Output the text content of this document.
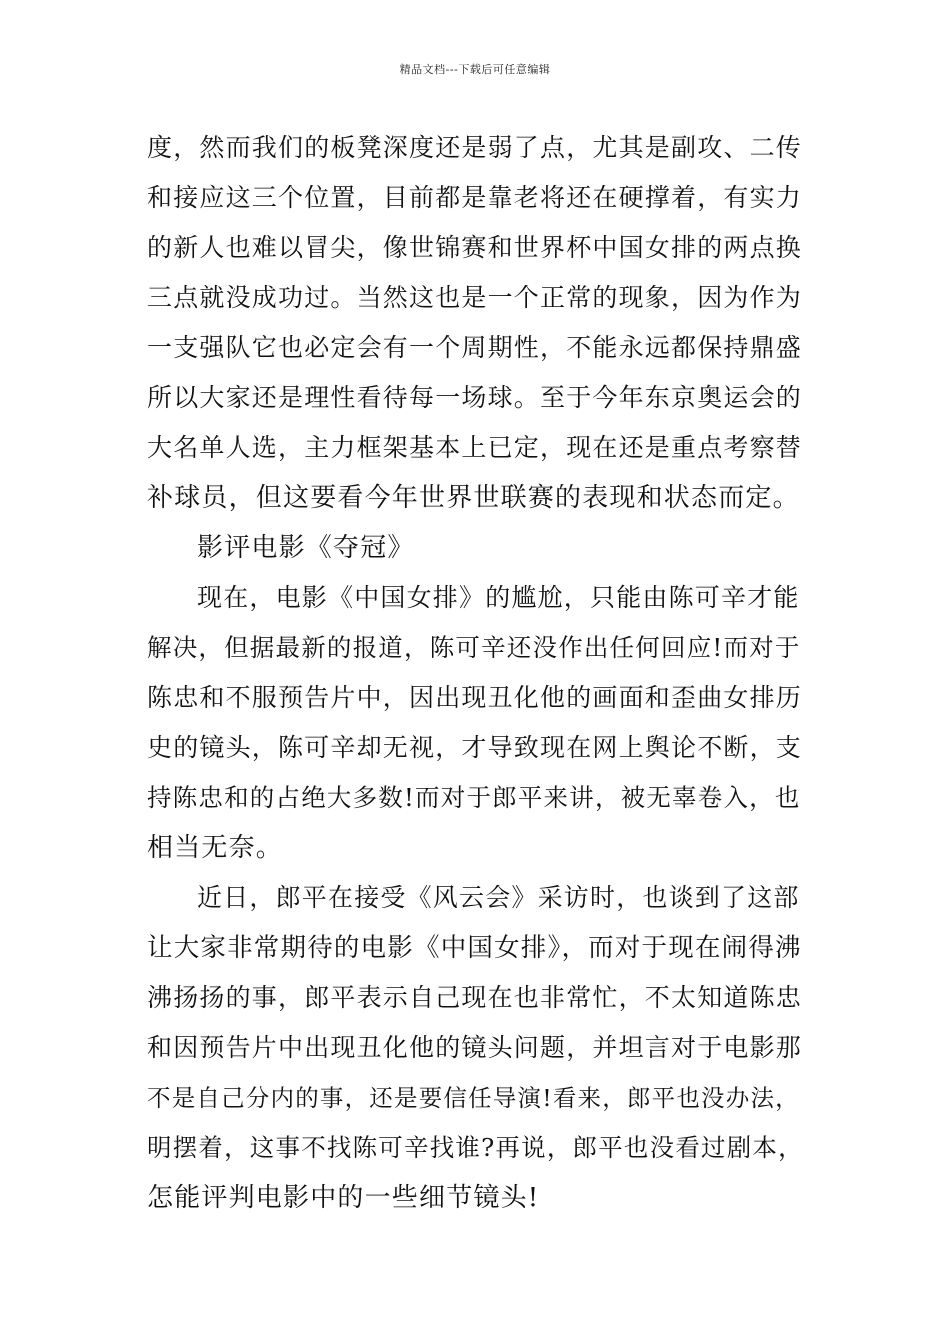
精品文档---下载后可任意编辑
度，然而我们的板凳深度还是弱了点，尤其是副攻、二传
和接应这三个位置，目前都是靠老将还在硬撑着，有实力
的新人也难以冒尖，像世锦赛和世界杯中国女排的两点换
三点就没成功过。当然这也是一个正常的现象，因为作为
一支强队它也必定会有一个周期性，不能永远都保持鼎盛
所以大家还是理性看待每一场球。至于今年东京奥运会的
大名单人选，主力框架基本上已定，现在还是重点考察替
补球员，但这要看今年世界世联赛的表现和状态而定。
影评电影《夺冠》
现在，电影《中国女排》的尴尬，只能由陈可辛才能
解决，但据最新的报道，陈可辛还没作出任何回应!而对于
陈忠和不服预告片中，因出现丑化他的画面和歪曲女排历
史的镜头，陈可辛却无视，才导致现在网上舆论不断，支
持陈忠和的占绝大多数!而对于郎平来讲，被无辜卷入，也
相当无奈。
近日，郎平在接受《风云会》采访时，也谈到了这部
让大家非常期待的电影《中国女排》，而对于现在闹得沸
沸扬扬的事，郎平表示自己现在也非常忙，不太知道陈忠
和因预告片中出现丑化他的镜头问题，并坦言对于电影那
不是自己分内的事，还是要信任导演!看来，郎平也没办法，
明摆着，这事不找陈可辛找谁?再说，郎平也没看过剧本，
怎能评判电影中的一些细节镜头!
